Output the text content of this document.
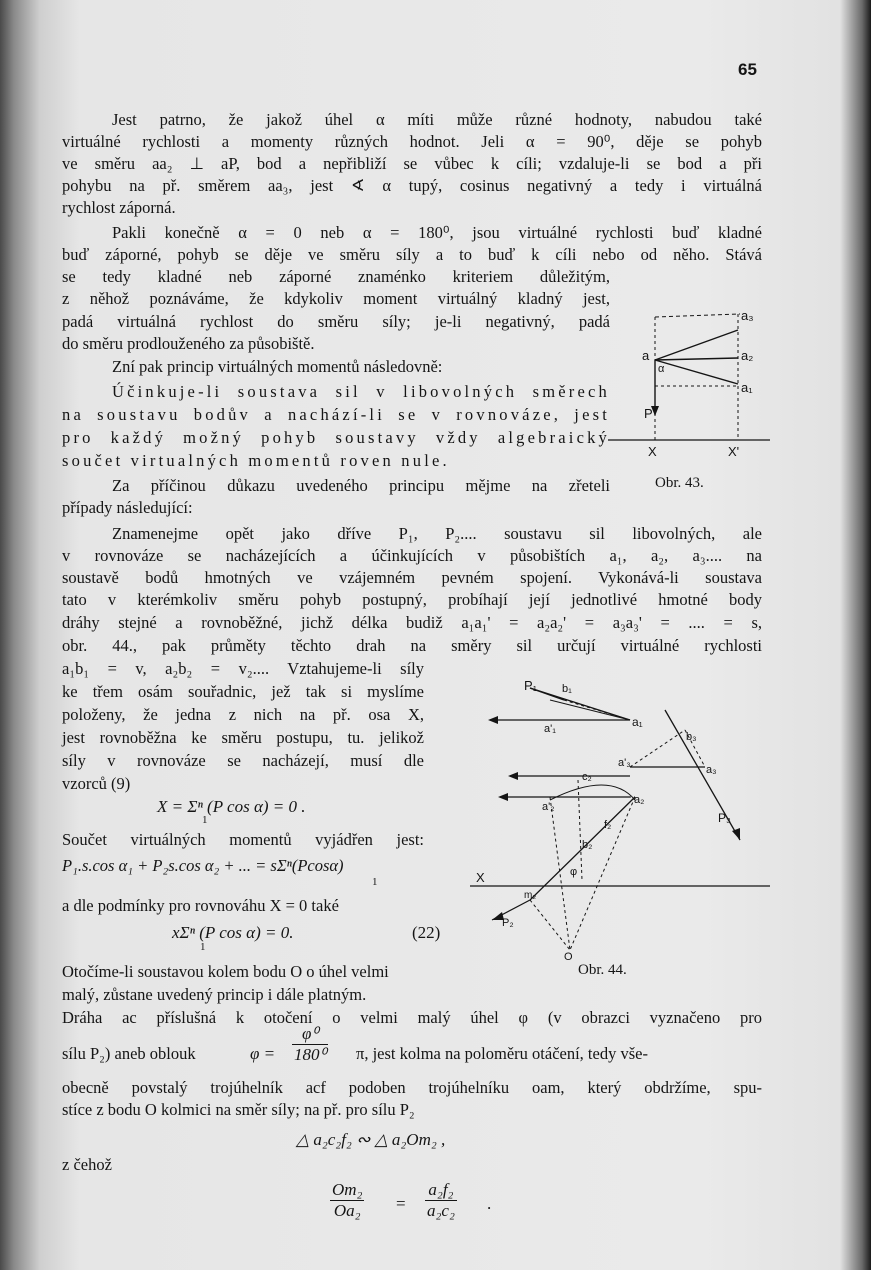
65
Jest patrno, že jakož úhel α míti může různé hodnoty, nabudou také
virtuálné rychlosti a momenty různých hodnot. Jeli α = 90⁰, děje se pohyb
ve směru aa₂ ⊥ aP, bod a nepřibliží se vůbec k cíli; vzdaluje-li se bod a při
pohybu na př. směrem aa₃, jest ∢ α tupý, cosinus negativný a tedy i virtuálná
rychlost záporná.
Pakli konečně α = 0 neb α = 180⁰, jsou virtuálné rychlosti buď kladné
buď záporné, pohyb se děje ve směru síly a to buď k cíli nebo od něho. Stává
se tedy kladné neb záporné znaménko kriteriem důležitým,
z něhož poznáváme, že kdykoliv moment virtuálný kladný jest,
padá virtuálná rychlost do směru síly; je-li negativný, padá
do směru prodlouženého za působiště.
Zní pak princip virtuálných momentů následovně:
Účinkuje-li soustava sil v libovolných směrech
na soustavu bodův a nachází-li se v rovnováze, jest
pro každý možný pohyb soustavy vždy algebraický
součet virtualných momentů roven nule.
Za příčinou důkazu uvedeného principu mějme na zřeteli
případy následující:
a₃
a
α
a₂
a₁
P
X	X'
Obr. 43.
Znamenejme opět jako dříve P₁, P₂.... soustavu sil libovolných, ale
v rovnováze se nacházejících a účinkujících v působištích a₁, a₂, a₃.... na
soustavě bodů hmotných ve vzájemném pevném spojení. Vykonává-li soustava
tato v kterémkoliv směru pohyb postupný, probíhají její jednotlivé hmotné body
dráhy stejné a rovnoběžné, jichž délka budiž a₁a₁' = a₂a₂' = a₃a₃' = .... = s,
obr. 44., pak průměty těchto drah na směry sil určují virtuálné rychlosti
a₁b₁ = v, a₂b₂ = v₂.... Vztahujeme-li síly
ke třem osám souřadnic, jež tak si myslíme
položeny, že jedna z nich na př. osa X,
jest rovnoběžna ke směru postupu, tu. jelikož
síly v rovnováze se nacházejí, musí dle
vzorců (9)
X = Σⁿ (P cos α) = 0 .
1
Součet virtuálných momentů vyjádřen jest:
P₁.s.cos α₁ + P₂s.cos α₂ + ... = sΣⁿ(Pcosα)
1
a dle podmínky pro rovnováhu X = 0 také
xΣⁿ (P cos α) = 0.
1
(22)
Otočíme-li soustavou kolem bodu O o úhel velmi
malý, zůstane uvedený princip i dále platným.
P₁ b₁
a₁
a'₁
b₃
a'₃
a₃
c₂
a'₂
a₂
P₃
f₂
b₂
φ
X
m₂
P₂
O
Obr. 44.
Dráha ac příslušná k otočení o velmi malý úhel φ (v obrazci vyznačeno pro
sílu P₂) aneb oblouk	$\varphi = \frac{\text{φ⁰}}{\text{180⁰}} \pi$, jest kolma na poloměru otáčení, tedy vše-
obecně povstalý trojúhelník acf podoben trojúhelníku oam, který obdržíme, spu-
stíce z bodu O kolmici na směr síly; na př. pro sílu P₂
△ a₂c₂f₂ ∾ △ a₂Om₂ ,
z čehož
$\frac{\text{Om₂}}{\text{Oa₂}} = \frac{\text{a₂f₂}}{\text{a₂c₂}}$ .
